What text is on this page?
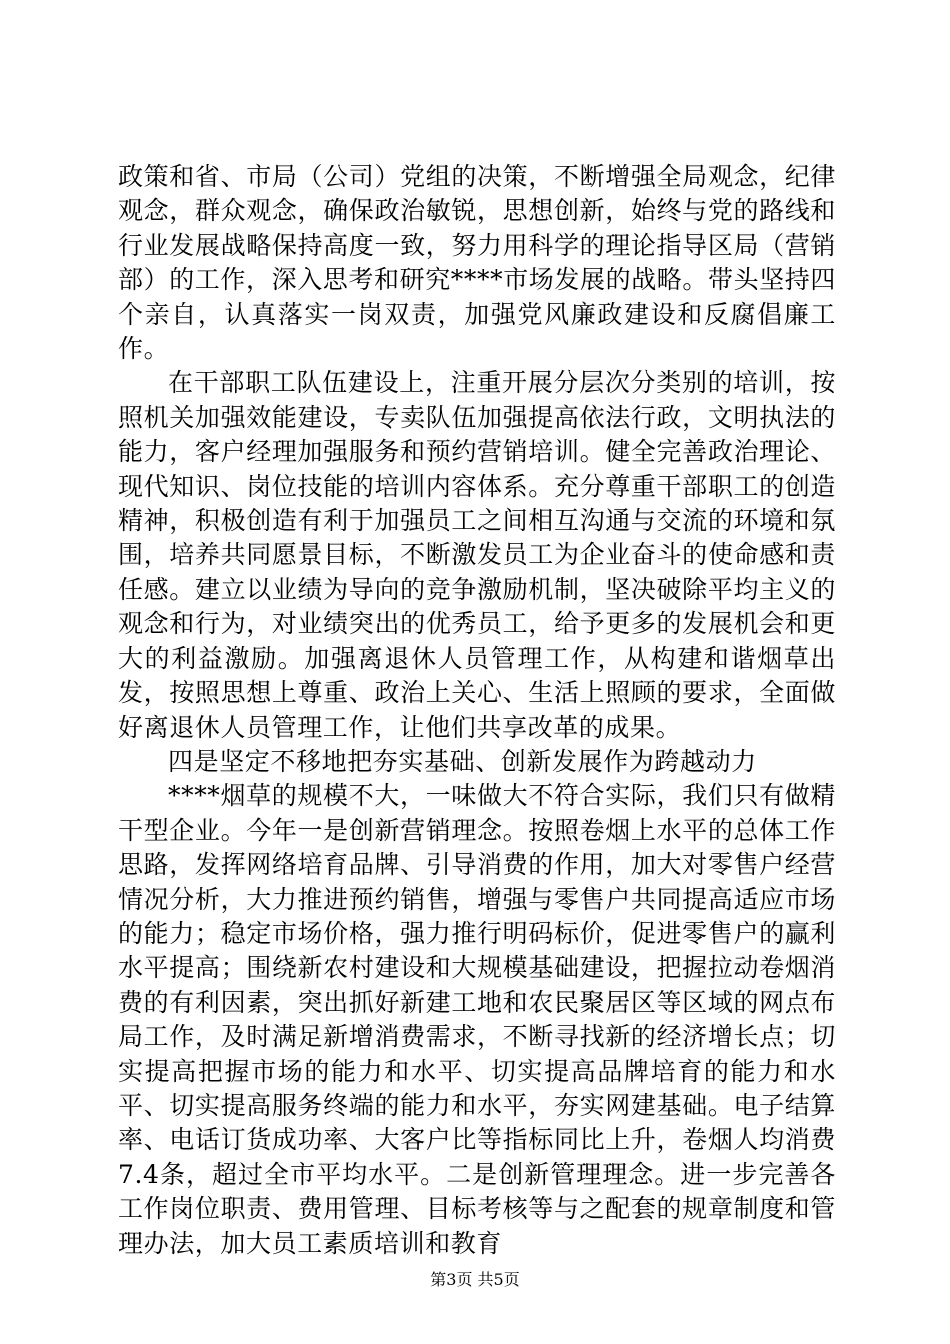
政策和省、市局（公司）党组的决策，不断增强全局观念，纪律观念，群众观念，确保政治敏锐，思想创新，始终与党的路线和行业发展战略保持高度一致，努力用科学的理论指导区局（营销部）的工作，深入思考和研究****市场发展的战略。带头坚持四个亲自，认真落实一岗双责，加强党风廉政建设和反腐倡廉工作。

在干部职工队伍建设上，注重开展分层次分类别的培训，按照机关加强效能建设，专卖队伍加强提高依法行政，文明执法的能力，客户经理加强服务和预约营销培训。健全完善政治理论、现代知识、岗位技能的培训内容体系。充分尊重干部职工的创造精神，积极创造有利于加强员工之间相互沟通与交流的环境和氛围，培养共同愿景目标，不断激发员工为企业奋斗的使命感和责任感。建立以业绩为导向的竞争激励机制，坚决破除平均主义的观念和行为，对业绩突出的优秀员工，给予更多的发展机会和更大的利益激励。加强离退休人员管理工作，从构建和谐烟草出发，按照思想上尊重、政治上关心、生活上照顾的要求，全面做好离退休人员管理工作，让他们共享改革的成果。

四是坚定不移地把夯实基础、创新发展作为跨越动力

****烟草的规模不大，一味做大不符合实际，我们只有做精干型企业。今年一是创新营销理念。按照卷烟上水平的总体工作思路，发挥网络培育品牌、引导消费的作用，加大对零售户经营情况分析，大力推进预约销售，增强与零售户共同提高适应市场的能力；稳定市场价格，强力推行明码标价，促进零售户的赢利水平提高；围绕新农村建设和大规模基础建设，把握拉动卷烟消费的有利因素，突出抓好新建工地和农民聚居区等区域的网点布局工作，及时满足新增消费需求，不断寻找新的经济增长点；切实提高把握市场的能力和水平、切实提高品牌培育的能力和水平、切实提高服务终端的能力和水平，夯实网建基础。电子结算率、电话订货成功率、大客户比等指标同比上升，卷烟人均消费7.4条，超过全市平均水平。二是创新管理理念。进一步完善各工作岗位职责、费用管理、目标考核等与之配套的规章制度和管理办法，加大员工素质培训和教育

第3页 共5页
